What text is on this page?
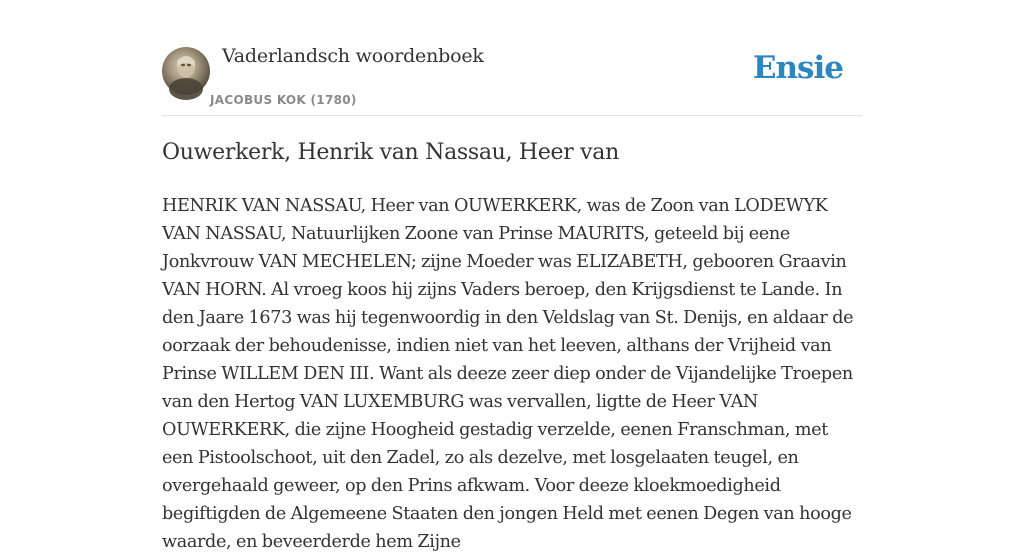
Vaderlandsch woordenboek
JACOBUS KOK (1780)
Ensie
Ouwerkerk, Henrik van Nassau, Heer van

HENRIK VAN NASSAU, Heer van OUWERKERK, was de Zoon van LODEWYK VAN NASSAU, Natuurlijken Zoone van Prinse MAURITS, geteeld bij eene Jonkvrouw VAN MECHELEN; zijne Moeder was ELIZABETH, gebooren Graavin VAN HORN. Al vroeg koos hij zijns Vaders beroep, den Krijgsdienst te Lande. In den Jaare 1673 was hij tegenwoordig in den Veldslag van St. Denijs, en aldaar de oorzaak der behoudenisse, indien niet van het leeven, althans der Vrijheid van Prinse WILLEM DEN III. Want als deeze zeer diep onder de Vijandelijke Troepen van den Hertog VAN LUXEMBURG was vervallen, ligtte de Heer VAN OUWERKERK, die zijne Hoogheid gestadig verzelde, eenen Franschman, met een Pistoolschoot, uit den Zadel, zo als dezelve, met losgelaaten teugel, en overgehaald geweer, op den Prins afkwam. Voor deeze kloekmoedigheid begiftigden de Algemeene Staaten den jongen Held met eenen Degen van hooge waarde, en beveerderde hem Zijne
